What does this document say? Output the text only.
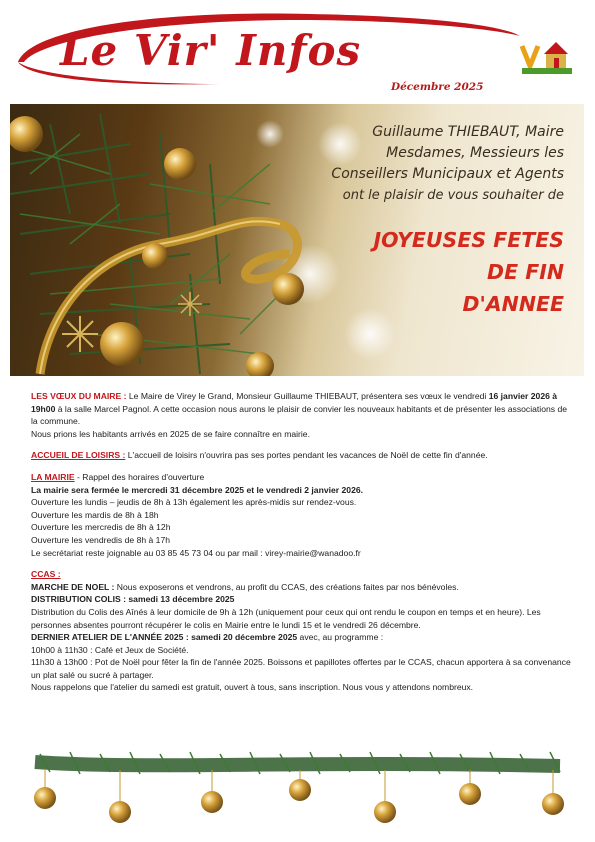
Le Vir' Infos
Décembre 2025
Guillaume THIEBAUT, Maire
Mesdames, Messieurs les
Conseillers Municipaux et Agents
ont le plaisir de vous souhaiter de
JOYEUSES FETES
DE FIN
D'ANNEE
LES VŒUX DU MAIRE : Le Maire de Virey le Grand, Monsieur Guillaume THIEBAUT, présentera ses vœux le vendredi 16 janvier 2026 à 19h00 à la salle Marcel Pagnol. A cette occasion nous aurons le plaisir de convier les nouveaux habitants et de présenter les associations de la commune.
Nous prions les habitants arrivés en 2025 de se faire connaître en mairie.
ACCUEIL DE LOISIRS : L'accueil de loisirs n'ouvrira pas ses portes pendant les vacances de Noël de cette fin d'année.
LA MAIRIE - Rappel des horaires d'ouverture
La mairie sera fermée le mercredi 31 décembre 2025 et le vendredi 2 janvier 2026.
Ouverture les lundis – jeudis de 8h à 13h également les après-midis sur rendez-vous.
Ouverture les mardis de 8h à 18h
Ouverture les mercredis de 8h à 12h
Ouverture les vendredis de 8h à 17h
Le secrétariat reste joignable au 03 85 45 73 04 ou par mail : virey-mairie@wanadoo.fr
CCAS :
MARCHE DE NOEL : Nous exposerons et vendrons, au profit du CCAS, des créations faites par nos bénévoles.
DISTRIBUTION COLIS : samedi 13 décembre 2025
Distribution du Colis des Aînés à leur domicile de 9h à 12h (uniquement pour ceux qui ont rendu le coupon en temps et en heure). Les personnes absentes pourront récupérer le colis en Mairie entre le lundi 15 et le vendredi 26 décembre.
DERNIER ATELIER DE L'ANNÉE 2025 : samedi 20 décembre 2025 avec, au programme :
10h00 à 11h30 : Café et Jeux de Société.
11h30 à 13h00 : Pot de Noël pour fêter la fin de l'année 2025. Boissons et papillotes offertes par le CCAS, chacun apportera à sa convenance un plat salé ou sucré à partager.
Nous rappelons que l'atelier du samedi est gratuit, ouvert à tous, sans inscription. Nous vous y attendons nombreux.
